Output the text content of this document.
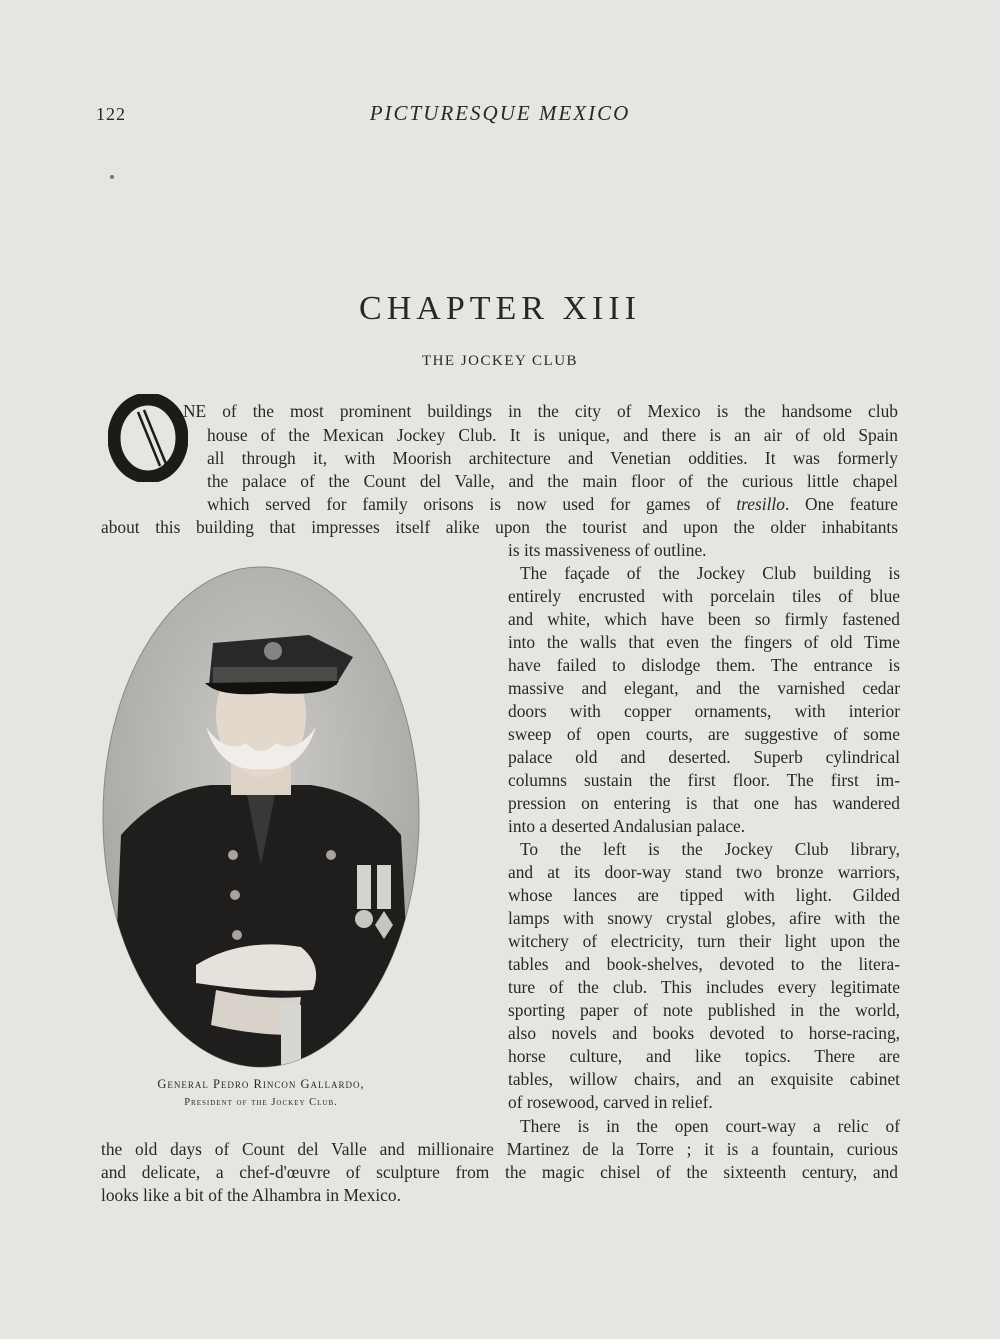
122	PICTURESQUE MEXICO
CHAPTER XIII
THE JOCKEY CLUB
NE of the most prominent buildings in the city of Mexico is the handsome club
house of the Mexican Jockey Club. It is unique, and there is an air of old Spain
all through it, with Moorish architecture and Venetian oddities. It was formerly
the palace of the Count del Valle, and the main floor of the curious little chapel
which served for family orisons is now used for games of tresillo. One feature
about this building that impresses itself alike upon the tourist and upon the older inhabitants
is its massiveness of outline.
The façade of the Jockey Club building is
entirely encrusted with porcelain tiles of blue
and white, which have been so firmly fastened
into the walls that even the fingers of old Time
have failed to dislodge them. The entrance is
massive and elegant, and the varnished cedar
doors with copper ornaments, with interior
sweep of open courts, are suggestive of some
palace old and deserted. Superb cylindrical
columns sustain the first floor. The first im-
pression on entering is that one has wandered
into a deserted Andalusian palace.
To the left is the Jockey Club library,
and at its door-way stand two bronze warriors,
whose lances are tipped with light. Gilded
lamps with snowy crystal globes, afire with the
witchery of electricity, turn their light upon the
tables and book-shelves, devoted to the litera-
ture of the club. This includes every legitimate
sporting paper of note published in the world,
also novels and books devoted to horse-racing,
horse culture, and like topics. There are
tables, willow chairs, and an exquisite cabinet
of rosewood, carved in relief.
There is in the open court-way a relic of
the old days of Count del Valle and millionaire Martinez de la Torre ; it is a fountain, curious
and delicate, a chef-d'œuvre of sculpture from the magic chisel of the sixteenth century, and
looks like a bit of the Alhambra in Mexico.
General Pedro Rincon Gallardo,
President of the Jockey Club.
